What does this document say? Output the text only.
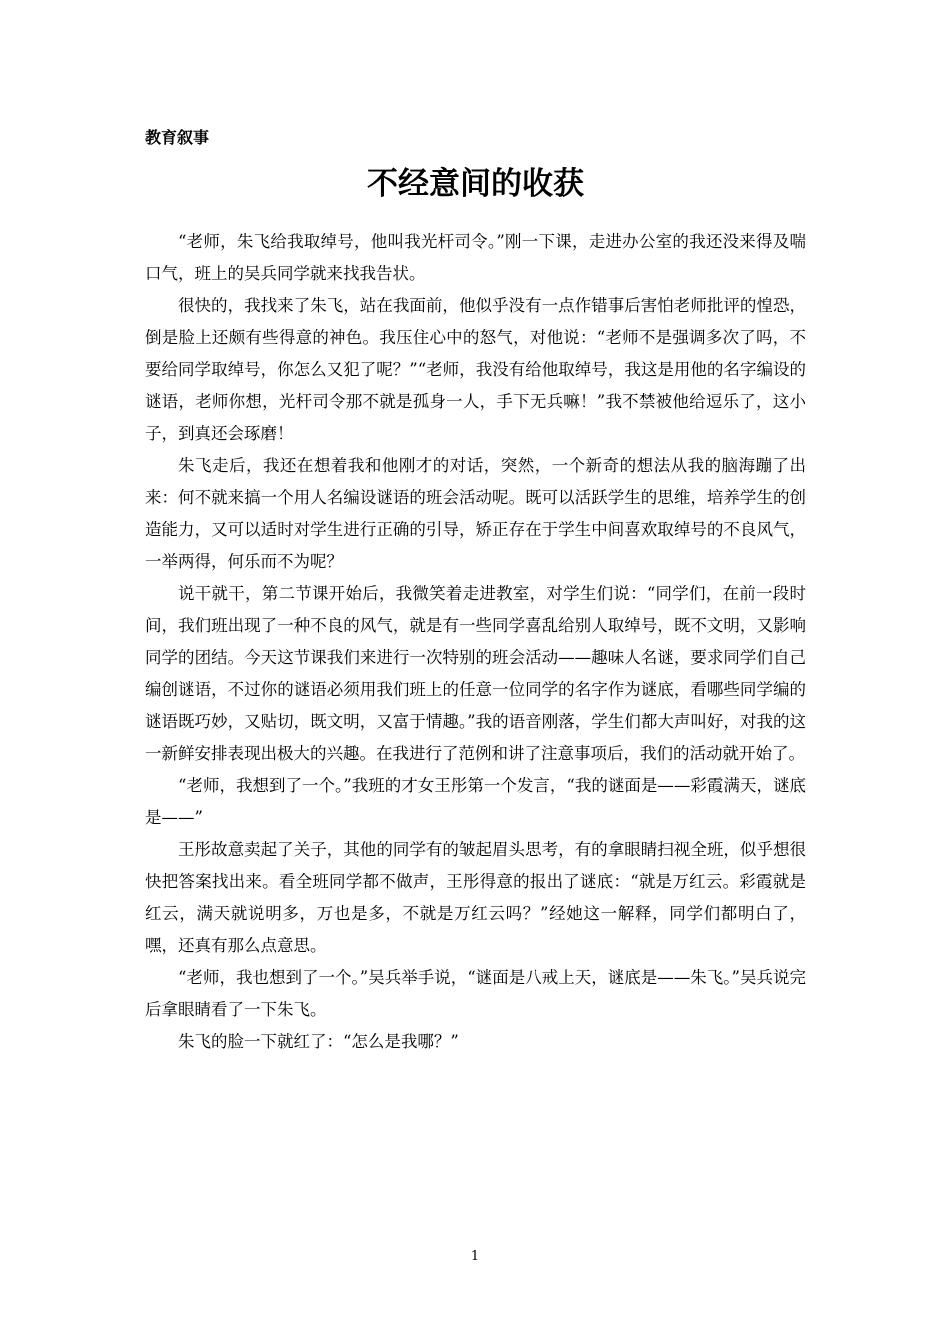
教育叙事
不经意间的收获

“老师，朱飞给我取绰号，他叫我光杆司令。”刚一下课，走进办公室的我还没来得及喘口气，班上的吴兵同学就来找我告状。

很快的，我找来了朱飞，站在我面前，他似乎没有一点作错事后害怕老师批评的惶恐，倒是脸上还颇有些得意的神色。我压住心中的怒气，对他说：“老师不是强调多次了吗，不要给同学取绰号，你怎么又犯了呢？”“老师，我没有给他取绰号，我这是用他的名字编设的谜语，老师你想，光杆司令那不就是孤身一人，手下无兵嘛！”我不禁被他给逗乐了，这小子，到真还会琢磨！

朱飞走后，我还在想着我和他刚才的对话，突然，一个新奇的想法从我的脑海蹦了出来：何不就来搞一个用人名编设谜语的班会活动呢。既可以活跃学生的思维，培养学生的创造能力，又可以适时对学生进行正确的引导，矫正存在于学生中间喜欢取绰号的不良风气，一举两得，何乐而不为呢？

说干就干，第二节课开始后，我微笑着走进教室，对学生们说：“同学们，在前一段时间，我们班出现了一种不良的风气，就是有一些同学喜乱给别人取绰号，既不文明，又影响同学的团结。今天这节课我们来进行一次特别的班会活动——趣味人名谜，要求同学们自己编创谜语，不过你的谜语必须用我们班上的任意一位同学的名字作为谜底，看哪些同学编的谜语既巧妙，又贴切，既文明，又富于情趣。”我的语音刚落，学生们都大声叫好，对我的这一新鲜安排表现出极大的兴趣。在我进行了范例和讲了注意事项后，我们的活动就开始了。

“老师，我想到了一个。”我班的才女王彤第一个发言，“我的谜面是——彩霞满天，谜底是——”

王彤故意卖起了关子，其他的同学有的皱起眉头思考，有的拿眼睛扫视全班，似乎想很快把答案找出来。看全班同学都不做声，王彤得意的报出了谜底：“就是万红云。彩霞就是红云，满天就说明多，万也是多，不就是万红云吗？”经她这一解释，同学们都明白了，嘿，还真有那么点意思。

“老师，我也想到了一个。”吴兵举手说，“谜面是八戒上天，谜底是——朱飞。”吴兵说完后拿眼睛看了一下朱飞。

朱飞的脸一下就红了：“怎么是我哪？”

1
